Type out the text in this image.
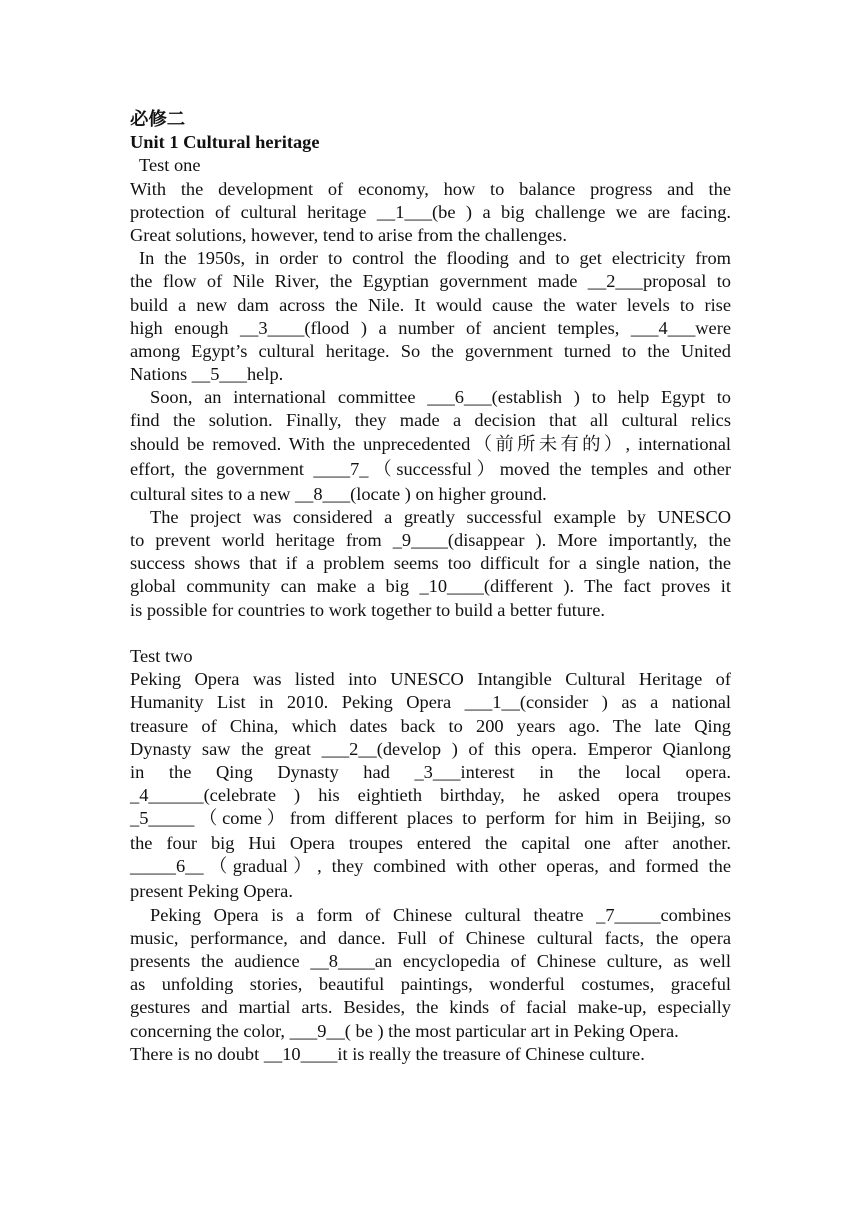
必修二
Unit 1 Cultural heritage
Test one
With the development of economy, how to balance progress and the
protection of cultural heritage __1___(be ) a big challenge we are facing.
Great solutions, however, tend to arise from the challenges.
In the 1950s, in order to control the flooding and to get electricity from
the flow of Nile River, the Egyptian government made __2___proposal to
build a new dam across the Nile. It would cause the water levels to rise
high enough __3____(flood ) a number of ancient temples, ___4___were
among Egypt’s cultural heritage. So the government turned to the United
Nations __5___help.
Soon, an international committee ___6___(establish ) to help Egypt to
find the solution. Finally, they made a decision that all cultural relics
should be removed. With the unprecedented（前所未有的）, international
effort, the government ____7_（successful）moved the temples and other
cultural sites to a new __8___(locate ) on higher ground.
The project was considered a greatly successful example by UNESCO
to prevent world heritage from _9____(disappear ). More importantly, the
success shows that if a problem seems too difficult for a single nation, the
global community can make a big _10____(different ). The fact proves it
is possible for countries to work together to build a better future.
Test two
Peking Opera was listed into UNESCO Intangible Cultural Heritage of
Humanity List in 2010. Peking Opera ___1__(consider ) as a national
treasure of China, which dates back to 200 years ago. The late Qing
Dynasty saw the great ___2__(develop ) of this opera. Emperor Qianlong
in the Qing Dynasty had _3___interest in the local opera.
_4______(celebrate ) his eightieth birthday, he asked opera troupes
_5_____（come）from different places to perform for him in Beijing, so
the four big Hui Opera troupes entered the capital one after another.
_____6__（gradual）, they combined with other operas, and formed the
present Peking Opera.
Peking Opera is a form of Chinese cultural theatre _7_____combines
music, performance, and dance. Full of Chinese cultural facts, the opera
presents the audience __8____an encyclopedia of Chinese culture, as well
as unfolding stories, beautiful paintings, wonderful costumes, graceful
gestures and martial arts. Besides, the kinds of facial make-up, especially
concerning the color, ___9__( be ) the most particular art in Peking Opera.
There is no doubt __10____it is really the treasure of Chinese culture.
